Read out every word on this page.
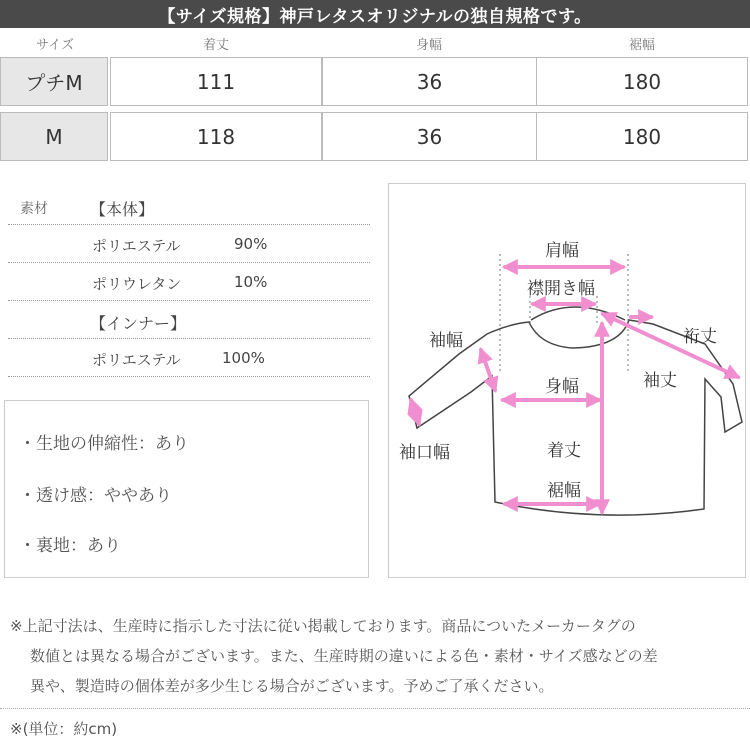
【サイズ規格】神戸レタスオリジナルの独自規格です。
サイズ	着丈	身幅	裾幅
プチM	111	36	180
M	118	36	180
素材	【本体】
ポリエステル	90%
ポリウレタン	10%
【インナー】
ポリエステル	100%
・生地の伸縮性：あり
・透け感：ややあり
・裏地：あり
肩幅
襟開き幅
袖幅	裄丈
袖丈
身幅
袖口幅	着丈
裾幅
※上記寸法は、生産時に指示した寸法に従い掲載しております。商品についたメーカータグの
数値とは異なる場合がございます。また、生産時期の違いによる色・素材・サイズ感などの差
異や、製造時の個体差が多少生じる場合がございます。予めご了承ください。
※(単位：約cm)
